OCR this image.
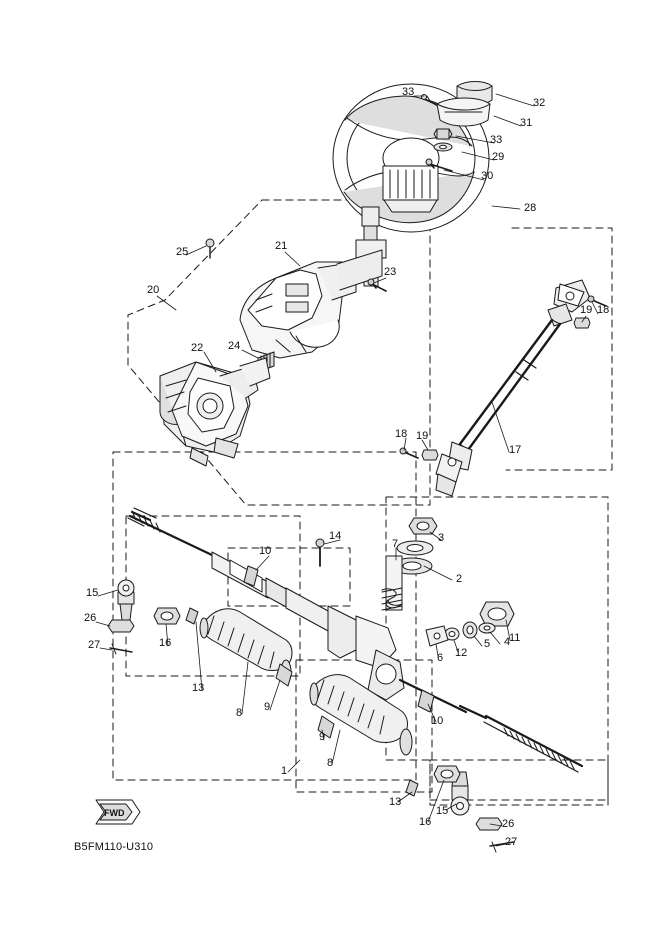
1
2
3
4
5
6
7
8
8
9
9
10
10
11
12
13
13
14
15
15
16
16
17
18
18
19
19
20
21
22
23
24
25
26
26
27
27
28
29
30
31
32
33
33
FWD
B5FM110-U310
